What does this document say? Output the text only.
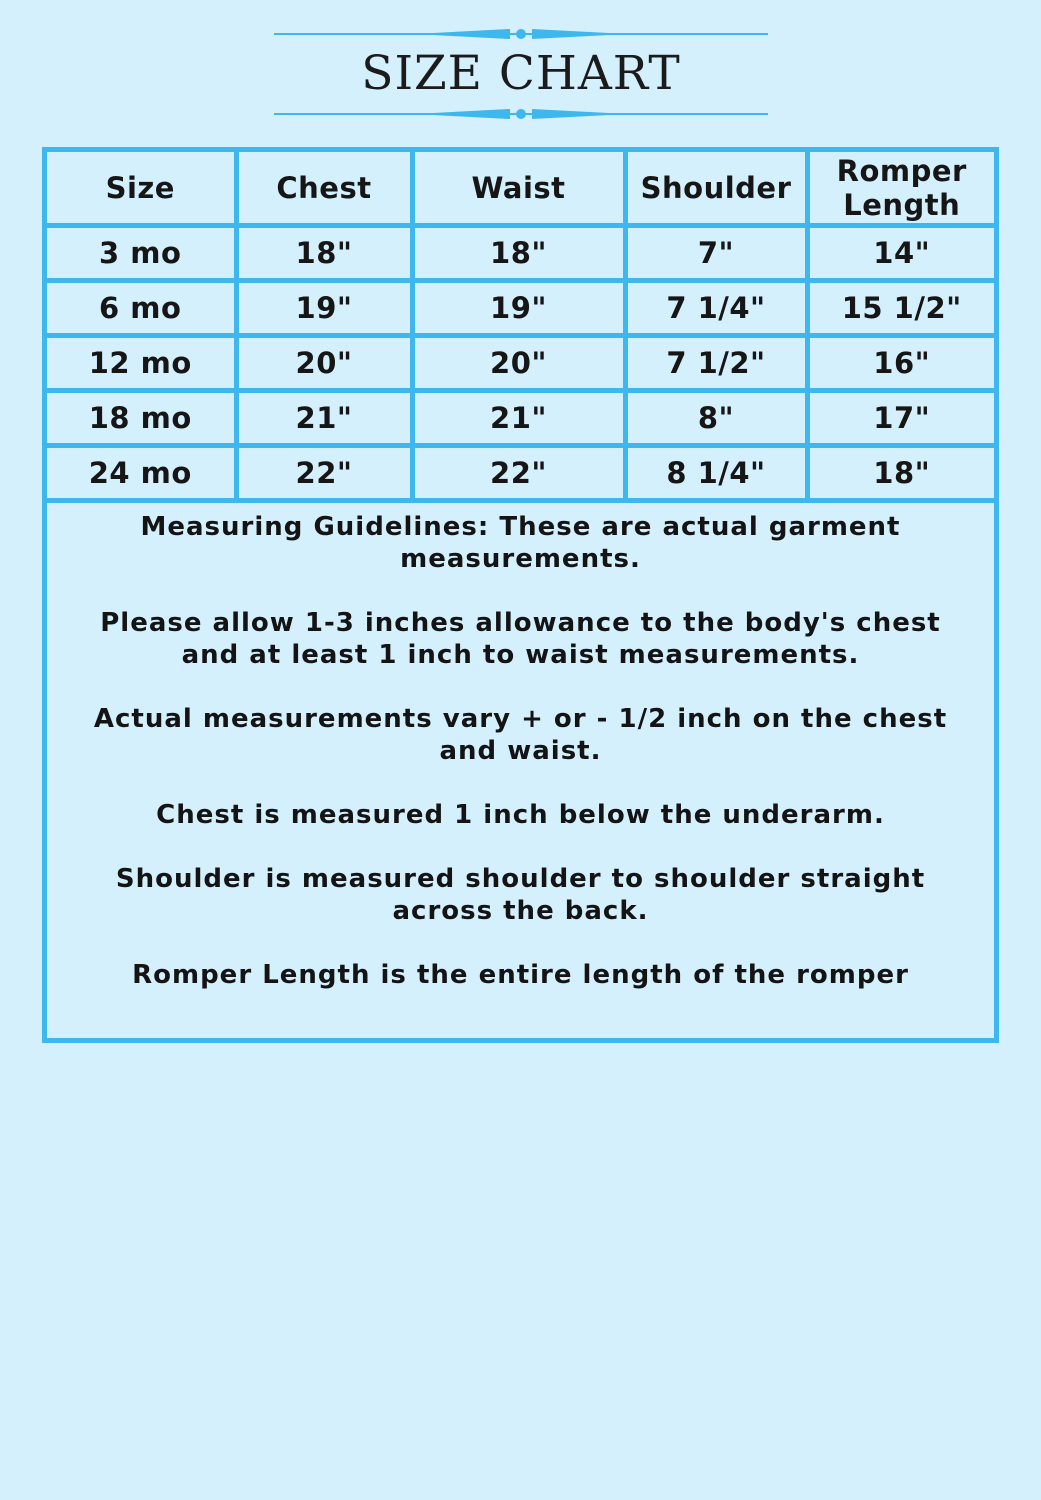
SIZE CHART
Size	Chest	Waist	Shoulder	Romper Length
3 mo	18"	18"	7"	14"
6 mo	19"	19"	7 1/4"	15 1/2"
12 mo	20"	20"	7 1/2"	16"
18 mo	21"	21"	8"	17"
24 mo	22"	22"	8 1/4"	18"

Measuring Guidelines: These are actual garment measurements.

Please allow 1-3 inches allowance to the body's chest and at least 1 inch to waist measurements.

Actual measurements vary + or - 1/2 inch on the chest and waist.

Chest is measured 1 inch below the underarm.

Shoulder is measured shoulder to shoulder straight across the back.

Romper Length is the entire length of the romper
